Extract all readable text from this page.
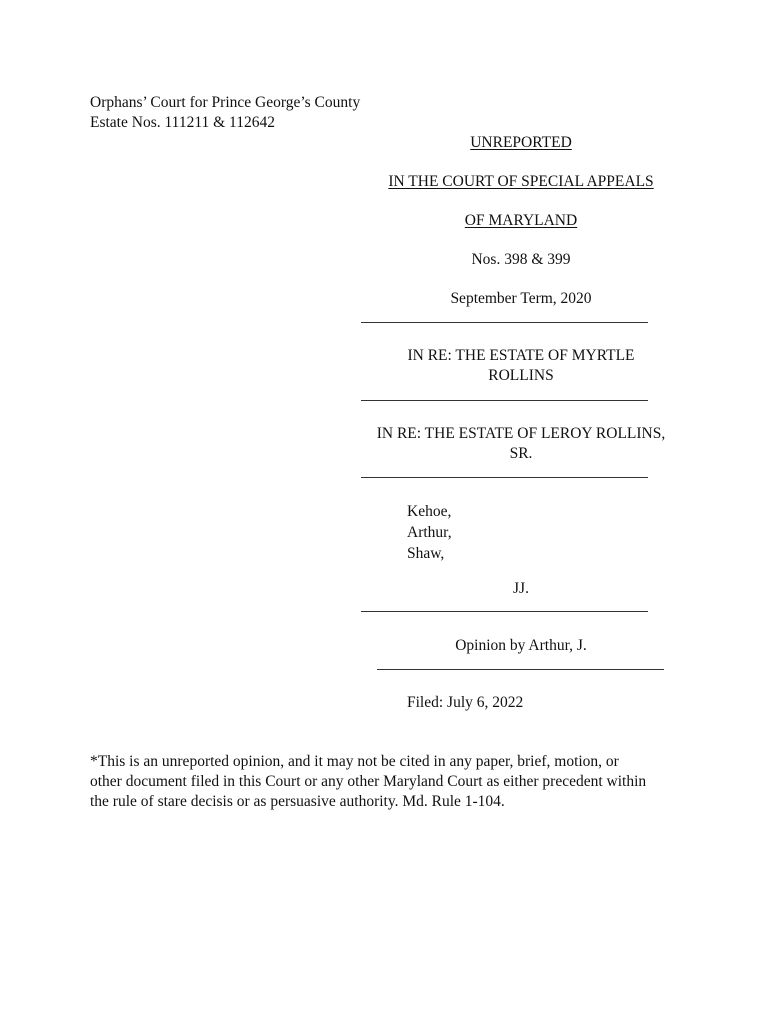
Orphans’ Court for Prince George’s County
Estate Nos. 111211 & 112642
UNREPORTED
IN THE COURT OF SPECIAL APPEALS
OF MARYLAND
Nos. 398 & 399
September Term, 2020
IN RE: THE ESTATE OF MYRTLE
ROLLINS
IN RE: THE ESTATE OF LEROY ROLLINS,
SR.
Kehoe,
Arthur,
Shaw,
JJ.
Opinion by Arthur, J.
Filed: July 6, 2022
*This is an unreported opinion, and it may not be cited in any paper, brief, motion, or
other document filed in this Court or any other Maryland Court as either precedent within
the rule of stare decisis or as persuasive authority. Md. Rule 1-104.
